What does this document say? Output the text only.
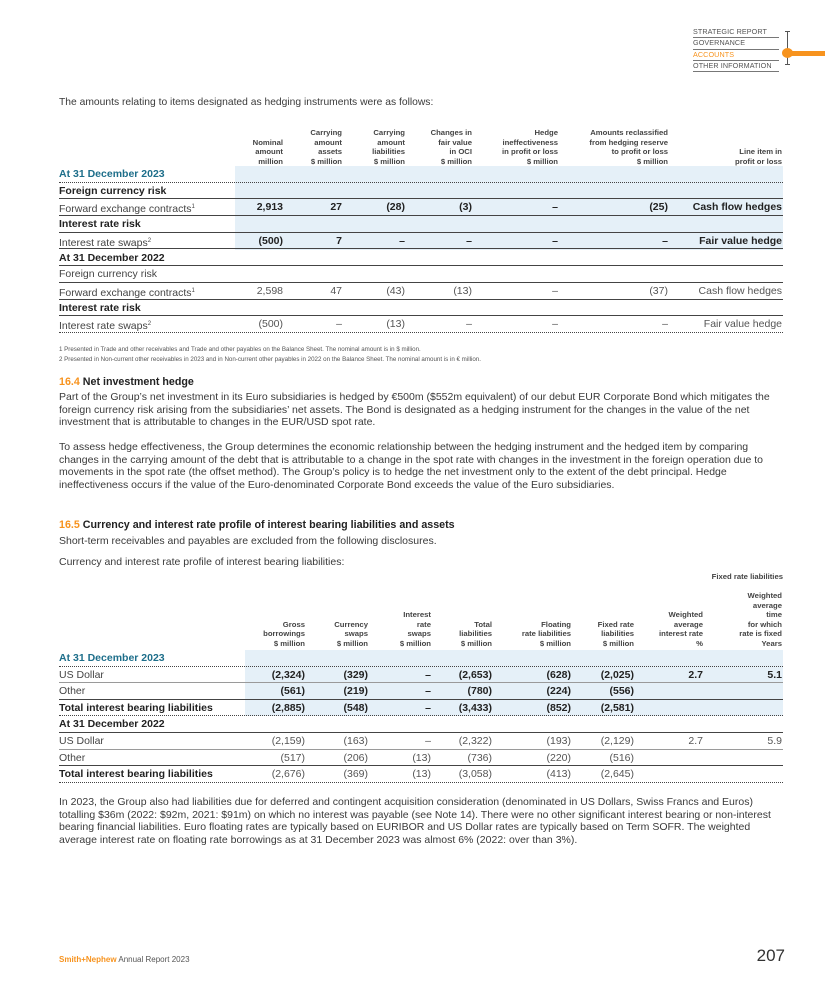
STRATEGIC REPORT
GOVERNANCE
ACCOUNTS
OTHER INFORMATION
The amounts relating to items designated as hedging instruments were as follows:
Nominal
amount
million
Carrying
amount
assets
$ million
Carrying
amount
liabilities
$ million
Changes in
fair value
in OCI
$ million
Hedge
ineffectiveness
in profit or loss
$ million
Amounts reclassified
from hedging reserve
to profit or loss
$ million
Line item in
profit or loss
At 31 December 2023
Foreign currency risk
Forward exchange contracts$^1$	2,913	27	(28)	(3)	–	(25) Cash flow hedges
Interest rate risk
Interest rate swaps$^2$	(500)	7	–	–	–	–	Fair value hedge
At 31 December 2022
Foreign currency risk
Forward exchange contracts$^1$	2,598	47	(43)	(13)	–	(37)	Cash flow hedges
Interest rate risk
Interest rate swaps$^2$	(500)	–	(13)	–	–	–	Fair value hedge
1 Presented in Trade and other receivables and Trade and other payables on the Balance Sheet. The nominal amount is in $ million.
2 Presented in Non-current other receivables in 2023 and in Non-current other payables in 2022 on the Balance Sheet. The nominal amount is in € million.
16.4 Net investment hedge
Part of the Group’s net investment in its Euro subsidiaries is hedged by €500m ($552m equivalent) of our debut EUR Corporate Bond which mitigates the foreign currency risk arising from the subsidiaries’ net assets. The Bond is designated as a hedging instrument for the changes in the value of the net investment that is attributable to changes in the EUR/USD spot rate.
To assess hedge effectiveness, the Group determines the economic relationship between the hedging instrument and the hedged item by comparing changes in the carrying amount of the debt that is attributable to a change in the spot rate with changes in the investment in the foreign operation due to movements in the spot rate (the offset method). The Group’s policy is to hedge the net investment only to the extent of the debt principal. Hedge ineffectiveness occurs if the value of the Euro-denominated Corporate Bond exceeds the value of the Euro subsidiaries.
16.5 Currency and interest rate profile of interest bearing liabilities and assets
Short-term receivables and payables are excluded from the following disclosures.
Currency and interest rate profile of interest bearing liabilities:
Fixed rate liabilities
Gross
borrowings
$ million
Currency
swaps
$ million
Interest
rate
swaps
$ million
Total
liabilities
$ million
Floating
rate liabilities
$ million
Fixed rate
liabilities
$ million
Weighted
average
interest rate
%
Weighted
average
time
for which
rate is fixed
Years
At 31 December 2023
US Dollar	(2,324)	(329)	–	(2,653)	(628)	(2,025)	2.7	5.1
Other	(561)	(219)	–	(780)	(224)	(556)
Total interest bearing liabilities	(2,885)	(548)	–	(3,433)	(852)	(2,581)
At 31 December 2022
US Dollar	(2,159)	(163)	–	(2,322)	(193)	(2,129)	2.7	5.9
Other	(517)	(206)	(13)	(736)	(220)	(516)
Total interest bearing liabilities	(2,676)	(369)	(13)	(3,058)	(413)	(2,645)
In 2023, the Group also had liabilities due for deferred and contingent acquisition consideration (denominated in US Dollars, Swiss Francs and Euros) totalling $36m (2022: $92m, 2021: $91m) on which no interest was payable (see Note 14). There were no other significant interest bearing or non-interest bearing financial liabilities. Euro floating rates are typically based on EURIBOR and US Dollar rates are typically based on Term SOFR. The weighted average interest rate on floating rate borrowings as at 31 December 2023 was almost 6% (2022: over than 3%).
Smith+Nephew Annual Report 2023	207
